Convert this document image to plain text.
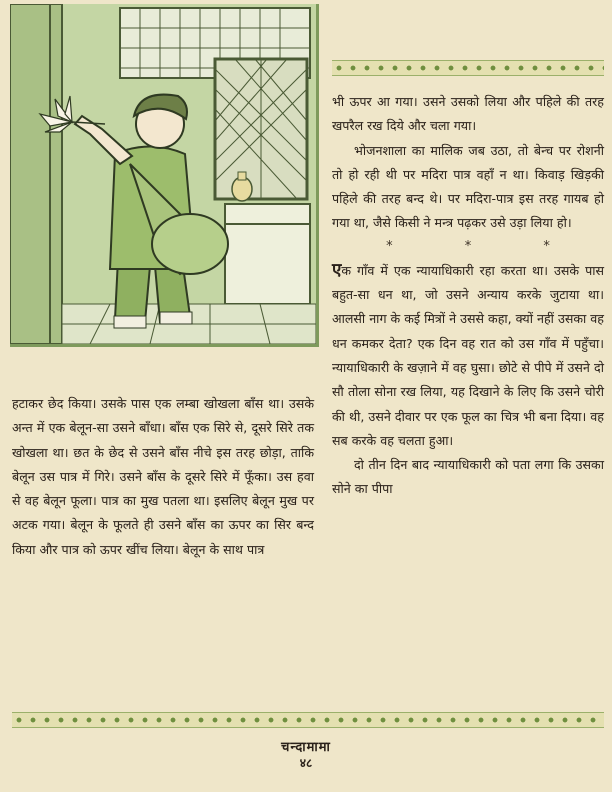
भी ऊपर आ गया। उसने उसको लिया और पहिले की तरह खपरैल रख दिये और चला गया।

भोजनशाला का मालिक जब उठा, तो बेन्च पर रोशनी तो हो रही थी पर मदिरा पात्र वहाँ न था। किवाड़ खिड़की पहिले की तरह बन्द थे। पर मदिरा-पात्र इस तरह गायब हो गया था, जैसे किसी ने मन्त्र पढ़कर उसे उड़ा लिया हो।

*	*	*

एक गाँव में एक न्यायाधिकारी रहा करता था। उसके पास बहुत-सा धन था, जो उसने अन्याय करके जुटाया था। आलसी नाग के कई मित्रों ने उससे कहा, क्यों नहीं उसका वह धन कमकर देता? एक दिन वह रात को उस गाँव में पहुँचा। न्यायाधिकारी के खज़ाने में वह घुसा। छोटे से पीपे में उसने दो सौ तोला सोना रख लिया, यह दिखाने के लिए कि उसने चोरी की थी, उसने दीवार पर एक फूल का चित्र भी बना दिया। वह सब करके वह चलता हुआ।

दो तीन दिन बाद न्यायाधिकारी को पता लगा कि उसका सोने का पीपा

हटाकर छेद किया। उसके पास एक लम्बा खोखला बाँस था। उसके अन्त में एक बेलून-सा उसने बाँधा। बाँस एक सिरे से, दूसरे सिरे तक खोखला था। छत के छेद से उसने बाँस नीचे इस तरह छोड़ा, ताकि बेलून उस पात्र में गिरे। उसने बाँस के दूसरे सिरे में फूँका। उस हवा से वह बेलून फूला। पात्र का मुख पतला था। इसलिए बेलून मुख पर अटक गया। बेलून के फूलते ही उसने बाँस का ऊपर का सिर बन्द किया और पात्र को ऊपर खींच लिया। बेलून के साथ पात्र

चन्दामामा
४८
